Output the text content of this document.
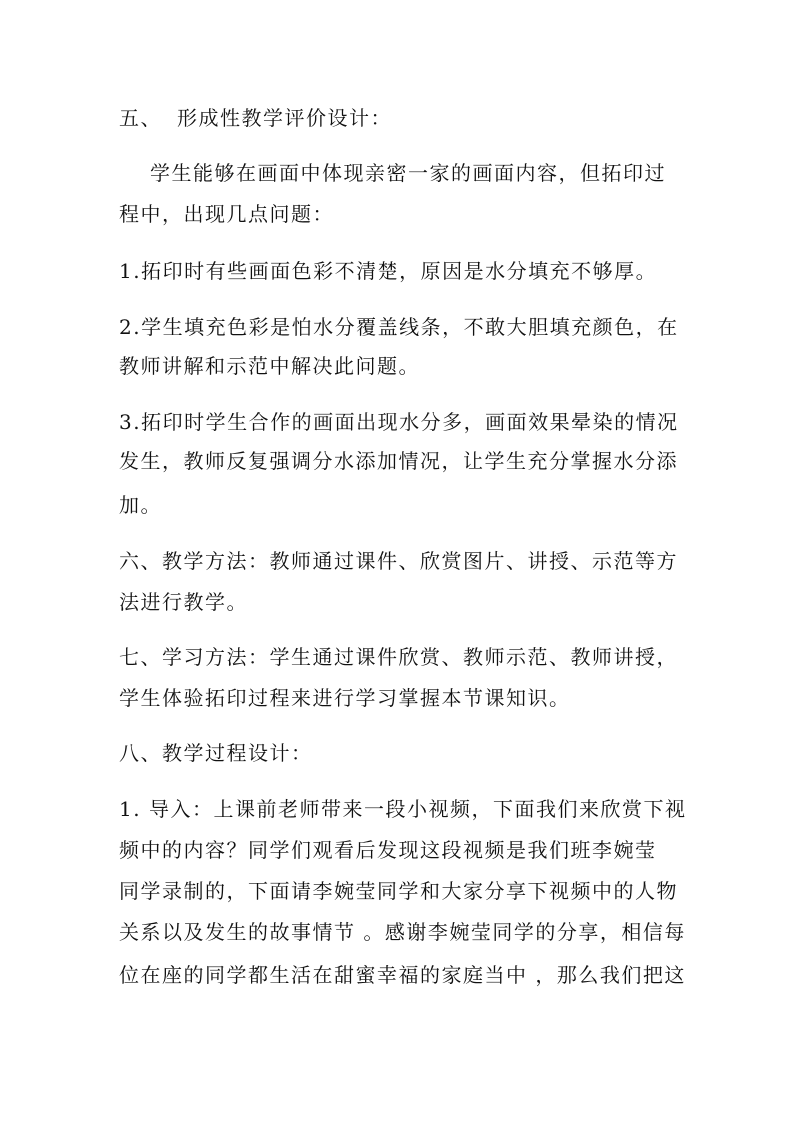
五、 形成性教学评价设计：
学生能够在画面中体现亲密一家的画面内容，但拓印过
程中，出现几点问题：
1.拓印时有些画面色彩不清楚，原因是水分填充不够厚。
2.学生填充色彩是怕水分覆盖线条，不敢大胆填充颜色，在
教师讲解和示范中解决此问题。
3.拓印时学生合作的画面出现水分多，画面效果晕染的情况
发生，教师反复强调分水添加情况，让学生充分掌握水分添
加。
六、教学方法：教师通过课件、欣赏图片、讲授、示范等方
法进行教学。
七、学习方法：学生通过课件欣赏、教师示范、教师讲授，
学生体验拓印过程来进行学习掌握本节课知识。
八、教学过程设计：
1. 导入：上课前老师带来一段小视频，下面我们来欣赏下视
频中的内容？同学们观看后发现这段视频是我们班李婉莹
同学录制的，下面请李婉莹同学和大家分享下视频中的人物
关系以及发生的故事情节 。感谢李婉莹同学的分享，相信每
位在座的同学都生活在甜蜜幸福的家庭当中 ，那么我们把这
